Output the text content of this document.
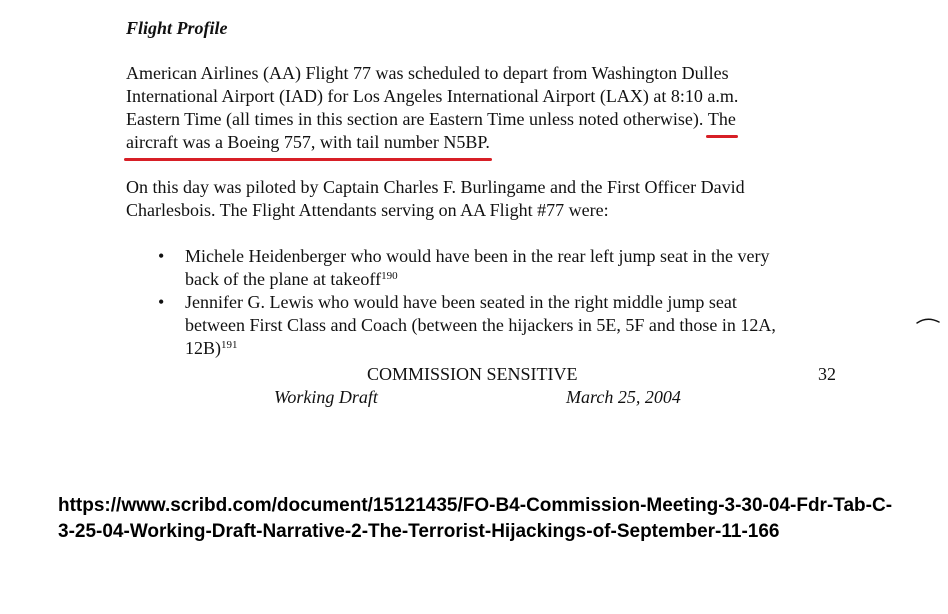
Flight Profile
American Airlines (AA) Flight 77 was scheduled to depart from Washington Dulles
International Airport (IAD) for Los Angeles International Airport (LAX) at 8:10 a.m.
Eastern Time (all times in this section are Eastern Time unless noted otherwise). The
aircraft was a Boeing 757, with tail number N5BP.
On this day was piloted by Captain Charles F. Burlingame and the First Officer David
Charlesbois. The Flight Attendants serving on AA Flight #77 were:
• Michele Heidenberger who would have been in the rear left jump seat in the very
back of the plane at takeoff$^{190}$
• Jennifer G. Lewis who would have been seated in the right middle jump seat
between First Class and Coach (between the hijackers in 5E, 5F and those in 12A,
12B)$^{191}$
COMMISSION SENSITIVE	32
Working Draft	March 25, 2004

https://www.scribd.com/document/15121435/FO-B4-Commission-Meeting-3-30-04-Fdr-Tab-C-3-25-04-Working-Draft-Narrative-2-The-Terrorist-Hijackings-of-September-11-166
